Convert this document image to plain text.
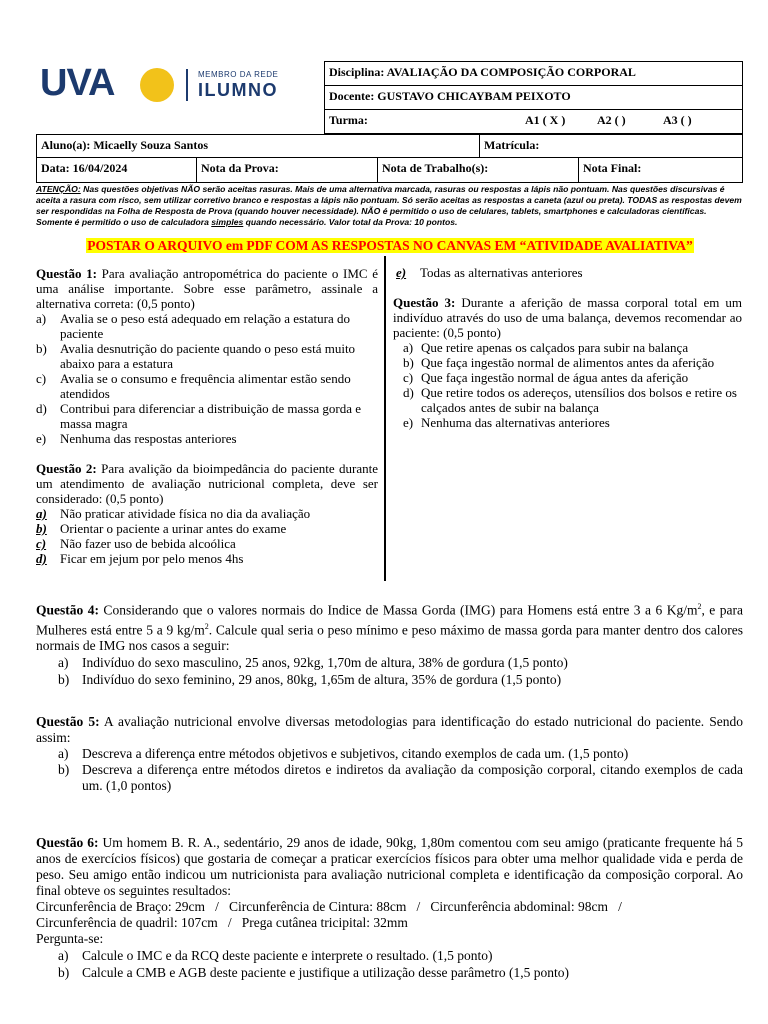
UVA	MEMBRO DA REDE
ILUMNO
Disciplina: AVALIAÇÃO DA COMPOSIÇÃO CORPORAL
Docente: GUSTAVO CHICAYBAM PEIXOTO
Turma:	A1 ( X )	A2 ( )	A3 ( )
Aluno(a): Micaelly Souza Santos	Matrícula:
Data: 16/04/2024	Nota da Prova:	Nota de Trabalho(s):	Nota Final:
ATENÇÃO: Nas questões objetivas NÃO serão aceitas rasuras. Mais de uma alternativa marcada, rasuras ou respostas a lápis não pontuam. Nas questões discursivas é aceita a rasura com risco, sem utilizar corretivo branco e respostas a lápis não pontuam. Só serão aceitas as respostas a caneta (azul ou preta). TODAS as respostas devem ser respondidas na Folha de Resposta de Prova (quando houver necessidade). NÃO é permitido o uso de celulares, tablets, smartphones e calculadoras científicas. Somente é permitido o uso de calculadora simples quando necessário. Valor total da Prova: 10 pontos.
POSTAR O ARQUIVO em PDF COM AS RESPOSTAS NO CANVAS EM “ATIVIDADE AVALIATIVA”
Questão 1: Para avaliação antropométrica do paciente o IMC é uma análise importante. Sobre esse parâmetro, assinale a alternativa correta: (0,5 ponto)
a)	Avalia se o peso está adequado em relação a estatura do paciente
b)	Avalia desnutrição do paciente quando o peso está muito abaixo para a estatura
c)	Avalia se o consumo e frequência alimentar estão sendo atendidos
d)	Contribui para diferenciar a distribuição de massa gorda e massa magra
e)	Nenhuma das respostas anteriores
Questão 2: Para avalição da bioimpedância do paciente durante um atendimento de avaliação nutricional completa, deve ser considerado: (0,5 ponto)
a)	Não praticar atividade física no dia da avaliação
b)	Orientar o paciente a urinar antes do exame
c)	Não fazer uso de bebida alcoólica
d)	Ficar em jejum por pelo menos 4hs
e)	Todas as alternativas anteriores
Questão 3: Durante a aferição de massa corporal total em um indivíduo através do uso de uma balança, devemos recomendar ao paciente: (0,5 ponto)
a) Que retire apenas os calçados para subir na balança
b) Que faça ingestão normal de alimentos antes da aferição
c) Que faça ingestão normal de água antes da aferição
d) Que retire todos os adereços, utensílios dos bolsos e retire os calçados antes de subir na balança
e) Nenhuma das alternativas anteriores
Questão 4: Considerando que o valores normais do Indice de Massa Gorda (IMG) para Homens está entre 3 a 6 $Kg/m^2$, e para Mulheres está entre 5 a 9 $kg/m^2$. Calcule qual seria o peso mínimo e peso máximo de massa gorda para manter dentro dos calores normais de IMG nos casos a seguir:
a)	Indivíduo do sexo masculino, 25 anos, 92kg, 1,70m de altura, 38% de gordura (1,5 ponto)
b) Indivíduo do sexo feminino, 29 anos, 80kg, 1,65m de altura, 35% de gordura (1,5 ponto)
Questão 5: A avaliação nutricional envolve diversas metodologias para identificação do estado nutricional do paciente. Sendo assim:
a)	Descreva a diferença entre métodos objetivos e subjetivos, citando exemplos de cada um. (1,5 ponto)
b) Descreva a diferença entre métodos diretos e indiretos da avaliação da composição corporal, citando exemplos de cada um. (1,0 pontos)
Questão 6: Um homem B. R. A., sedentário, 29 anos de idade, 90kg, 1,80m comentou com seu amigo (praticante frequente há 5 anos de exercícios físicos) que gostaria de começar a praticar exercícios físicos para obter uma melhor qualidade vida e perda de peso. Seu amigo então indicou um nutricionista para avaliação nutricional completa e identificação da composição corporal. Ao final obteve os seguintes resultados:
Circunferência de Braço: 29cm   /   Circunferência de Cintura: 88cm   /   Circunferência abdominal: 98cm   /
Circunferência de quadril: 107cm   /   Prega cutânea tricipital: 32mm
Pergunta-se:
a)	Calcule o IMC e da RCQ deste paciente e interprete o resultado. (1,5 ponto)
b) Calcule a CMB e AGB deste paciente e justifique a utilização desse parâmetro (1,5 ponto)
